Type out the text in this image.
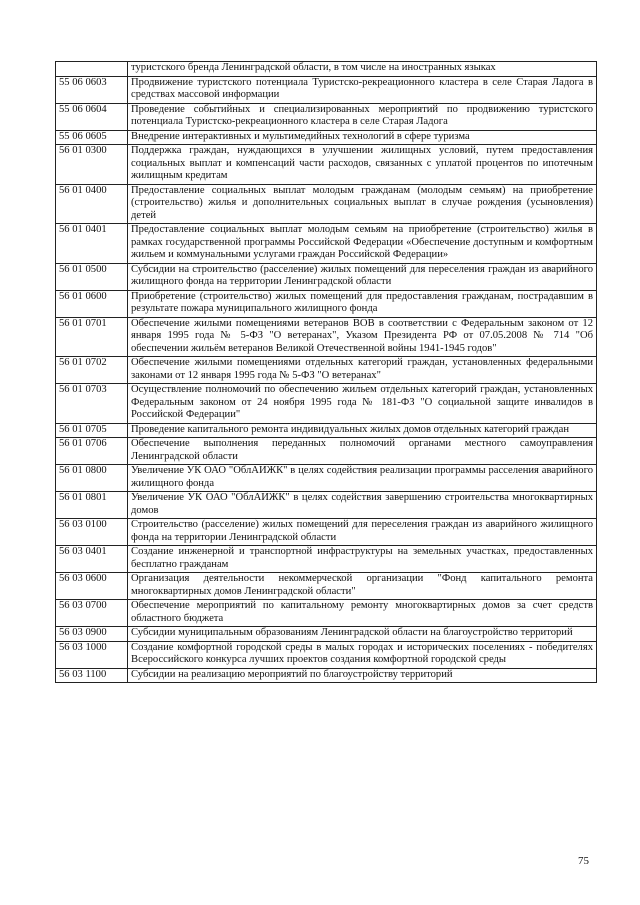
	туристского бренда Ленинградской области, в том числе на иностранных языках
55 06 0603	Продвижение туристского потенциала Туристско-рекреационного кластера в селе Старая Ладога в средствах массовой информации
55 06 0604	Проведение событийных и специализированных мероприятий по продвижению туристского потенциала Туристско-рекреационного кластера в селе Старая Ладога
55 06 0605	Внедрение интерактивных и мультимедийных технологий в сфере туризма
56 01 0300	Поддержка граждан, нуждающихся в улучшении жилищных условий, путем предоставления социальных выплат и компенсаций части расходов, связанных с уплатой процентов по ипотечным жилищным кредитам
56 01 0400	Предоставление социальных выплат молодым гражданам (молодым семьям) на приобретение (строительство) жилья и дополнительных социальных выплат в случае рождения (усыновления) детей
56 01 0401	Предоставление социальных выплат молодым семьям на приобретение (строительство) жилья в рамках государственной программы Российской Федерации «Обеспечение доступным и комфортным жильем и коммунальными услугами граждан Российской Федерации»
56 01 0500	Субсидии на строительство (расселение) жилых помещений для переселения граждан из аварийного жилищного фонда на территории Ленинградской области
56 01 0600	Приобретение (строительство) жилых помещений для предоставления гражданам, пострадавшим в результате пожара муниципального жилищного фонда
56 01 0701	Обеспечение жилыми помещениями ветеранов ВОВ в соответствии с Федеральным законом от 12 января 1995 года № 5-ФЗ "О ветеранах", Указом Президента РФ от 07.05.2008 № 714 "Об обеспечении жильём ветеранов Великой Отечественной войны 1941-1945 годов"
56 01 0702	Обеспечение жилыми помещениями отдельных категорий граждан, установленных федеральными законами от 12 января 1995 года № 5-ФЗ "О ветеранах"
56 01 0703	Осуществление полномочий по обеспечению жильем отдельных категорий граждан, установленных Федеральным законом от 24 ноября 1995 года № 181-ФЗ "О социальной защите инвалидов в Российской Федерации"
56 01 0705	Проведение капитального ремонта индивидуальных жилых домов отдельных категорий граждан
56 01 0706	Обеспечение выполнения переданных полномочий органами местного самоуправления Ленинградской области
56 01 0800	Увеличение УК ОАО "ОблАИЖК" в целях содействия реализации программы расселения аварийного жилищного фонда
56 01 0801	Увеличение УК ОАО "ОблАИЖК" в целях содействия завершению строительства многоквартирных домов
56 03 0100	Строительство (расселение) жилых помещений для переселения граждан из аварийного жилищного фонда на территории Ленинградской области
56 03 0401	Создание инженерной и транспортной инфраструктуры на земельных участках, предоставленных бесплатно гражданам
56 03 0600	Организация деятельности некоммерческой организации "Фонд капитального ремонта многоквартирных домов Ленинградской области"
56 03 0700	Обеспечение мероприятий по капитальному ремонту многоквартирных домов за счет средств областного бюджета
56 03 0900	Субсидии муниципальным образованиям Ленинградской области на благоустройство территорий
56 03 1000	Создание комфортной городской среды в малых городах и исторических поселениях - победителях Всероссийского конкурса лучших проектов создания комфортной городской среды
56 03 1100	Субсидии на реализацию мероприятий по благоустройству территорий
75
